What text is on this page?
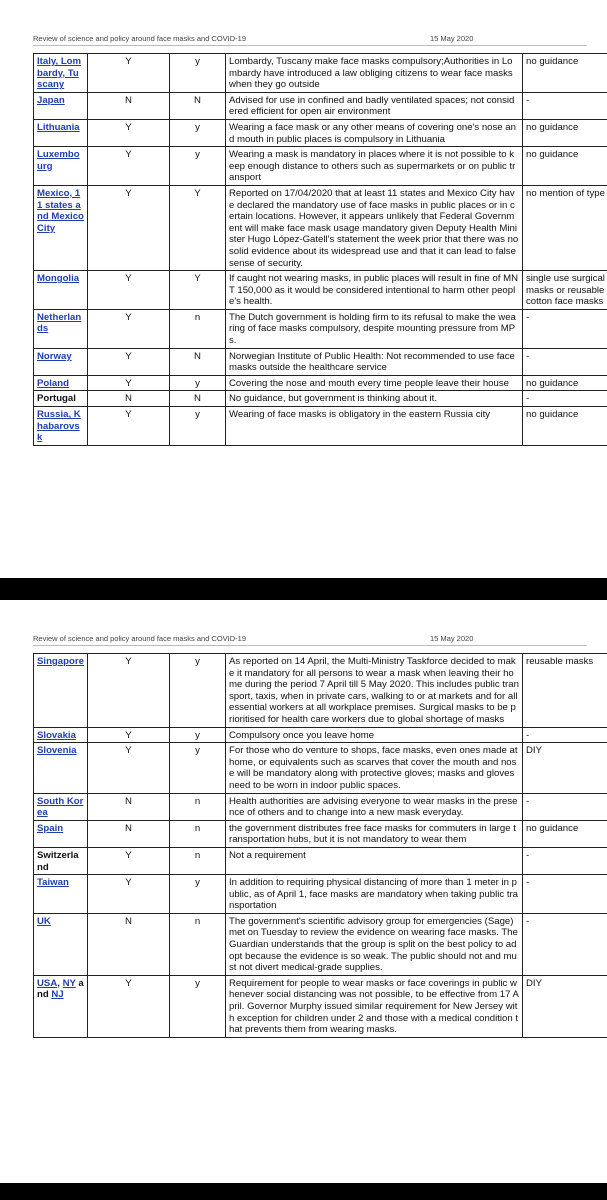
Review of science and policy around face masks and COVID-19	15 May 2020
Italy, Lombardy, Tuscany	Y	y	Lombardy, Tuscany make face masks compulsory;Authorities in Lombardy have introduced a law obliging citizens to wear face masks when they go outside	no guidance
Japan	N	N	Advised for use in confined and badly ventilated spaces; not considered efficient for open air environment	-
Lithuania	Y	y	Wearing a face mask or any other means of covering one's nose and mouth in public places is compulsory in Lithuania	no guidance
Luxembourg	Y	y	Wearing a mask is mandatory in places where it is not possible to keep enough distance to others such as supermarkets or on public transport	no guidance
Mexico, 11 states and Mexico City	Y	Y	Reported on 17/04/2020 that at least 11 states and Mexico City have declared the mandatory use of face masks in public places or in certain locations. However, it appears unlikely that Federal Government will make face mask usage mandatory given Deputy Health Minister Hugo López-Gatell's statement the week prior that there was no solid evidence about its widespread use and that it can lead to false sense of security.	no mention of type
Mongolia	Y	Y	If caught not wearing masks, in public places will result in fine of MNT 150,000 as it would be considered intentional to harm other people's health.	single use surgical masks or reusable cotton face masks
Netherlands	Y	n	The Dutch government is holding firm to its refusal to make the wearing of face masks compulsory, despite mounting pressure from MPs.	-
Norway	Y	N	Norwegian Institute of Public Health: Not recommended to use face masks outside the healthcare service	-
Poland	Y	y	Covering the nose and mouth every time people leave their house	no guidance
Portugal	N	N	No guidance, but government is thinking about it.	-
Russia, Khabarovsk	Y	y	Wearing of face masks is obligatory in the eastern Russia city	no guidance
Review of science and policy around face masks and COVID-19	15 May 2020
Singapore	Y	y	As reported on 14 April, the Multi-Ministry Taskforce decided to make it mandatory for all persons to wear a mask when leaving their home during the period 7 April till 5 May 2020. This includes public transport, taxis, when in private cars, walking to or at markets and for all essential workers at all workplace premises. Surgical masks to be prioritised for health care workers due to global shortage of masks	reusable masks
Slovakia	Y	y	Compulsory once you leave home	-
Slovenia	Y	y	For those who do venture to shops, face masks, even ones made at home, or equivalents such as scarves that cover the mouth and nose will be mandatory along with protective gloves; masks and gloves need to be worn in indoor public spaces.	DIY
South Korea	N	n	Health authorities are advising everyone to wear masks in the presence of others and to change into a new mask everyday.	-
Spain	N	n	the government distributes free face masks for commuters in large transportation hubs, but it is not mandatory to wear them	no guidance
Switzerland	Y	n	Not a requirement	-
Taiwan	Y	y	In addition to requiring physical distancing of more than 1 meter in public, as of April 1, face masks are mandatory when taking public transportation	-
UK	N	n	The government's scientific advisory group for emergencies (Sage) met on Tuesday to review the evidence on wearing face masks. The Guardian understands that the group is split on the best policy to adopt because the evidence is so weak. The public should not and must not divert medical-grade supplies.	-
USA, NY and NJ	Y	y	Requirement for people to wear masks or face coverings in public whenever social distancing was not possible, to be effective from 17 April. Governor Murphy issued similar requirement for New Jersey with exception for children under 2 and those with a medical condition that prevents them from wearing masks.	DIY
